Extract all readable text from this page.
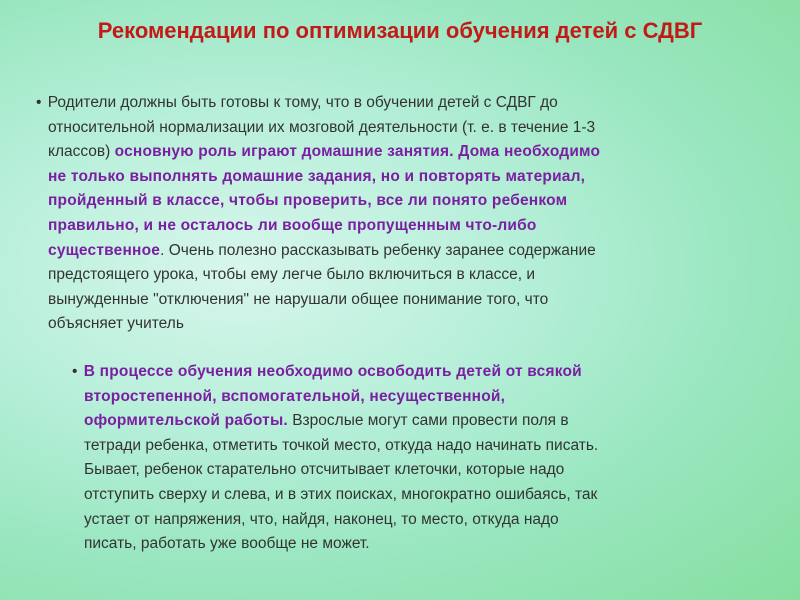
Рекомендации по оптимизации обучения детей с СДВГ
• Родители должны быть готовы к тому, что в обучении детей с СДВГ до
относительной нормализации их мозговой деятельности (т. е. в течение 1-3
классов) основную роль играют домашние занятия. Дома необходимо
не только выполнять домашние задания, но и повторять материал,
пройденный в классе, чтобы проверить, все ли понято ребенком
правильно, и не осталось ли вообще пропущенным что-либо
существенное. Очень полезно рассказывать ребенку заранее содержание
предстоящего урока, чтобы ему легче было включиться в классе, и
вынужденные "отключения" не нарушали общее понимание того, что
объясняет учитель
• В процессе обучения необходимо освободить детей от всякой
второстепенной, вспомогательной, несущественной,
оформительской работы. Взрослые могут сами провести поля в
тетради ребенка, отметить точкой место, откуда надо начинать писать.
Бывает, ребенок старательно отсчитывает клеточки, которые надо
отступить сверху и слева, и в этих поисках, многократно ошибаясь, так
устает от напряжения, что, найдя, наконец, то место, откуда надо
писать, работать уже вообще не может.
